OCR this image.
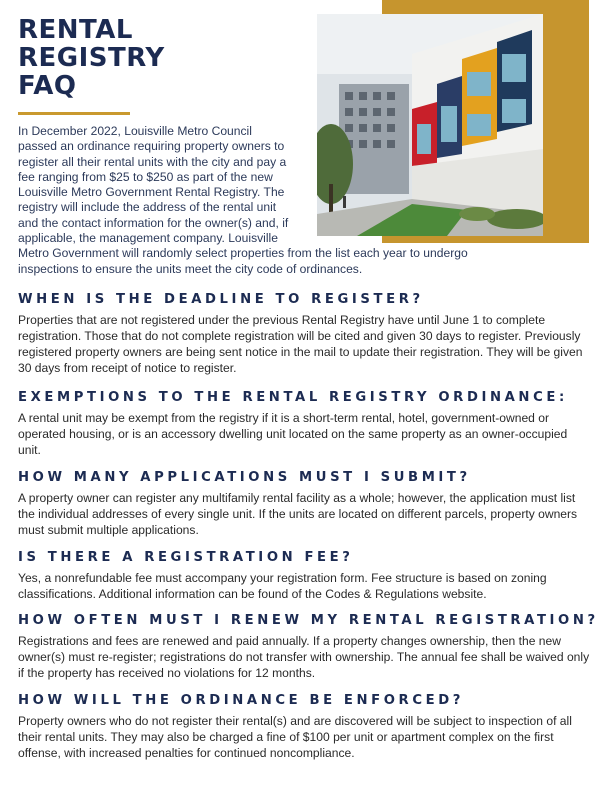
RENTAL
REGISTRY
FAQ

In December 2022, Louisville Metro Council
passed an ordinance requiring property owners to
register all their rental units with the city and pay a
fee ranging from $25 to $250 as part of the new
Louisville Metro Government Rental Registry. The
registry will include the address of the rental unit
and the contact information for the owner(s) and, if
applicable, the management company. Louisville
Metro Government will randomly select properties from the list each year to undergo
inspections to ensure the units meet the city code of ordinances.

WHEN IS THE DEADLINE TO REGISTER?

Properties that are not registered under the previous Rental Registry have until June 1 to complete registration. Those that do not complete registration will be cited and given 30 days to register. Previously registered property owners are being sent notice in the mail to update their registration. They will be given 30 days from receipt of notice to register.

EXEMPTIONS TO THE RENTAL REGISTRY ORDINANCE:

A rental unit may be exempt from the registry if it is a short-term rental, hotel, government-owned or operated housing, or is an accessory dwelling unit located on the same property as an owner-occupied unit.

HOW MANY APPLICATIONS MUST I SUBMIT?

A property owner can register any multifamily rental facility as a whole; however, the application must list the individual addresses of every single unit. If the units are located on different parcels, property owners must submit multiple applications.

IS THERE A REGISTRATION FEE?

Yes, a nonrefundable fee must accompany your registration form. Fee structure is based on zoning classifications. Additional information can be found of the Codes & Regulations website.

HOW OFTEN MUST I RENEW MY RENTAL REGISTRATION?

Registrations and fees are renewed and paid annually. If a property changes ownership, then the new owner(s) must re-register; registrations do not transfer with ownership. The annual fee shall be waived only if the property has received no violations for 12 months.

HOW WILL THE ORDINANCE BE ENFORCED?

Property owners who do not register their rental(s) and are discovered will be subject to inspection of all their rental units. They may also be charged a fine of $100 per unit or apartment complex on the first offense, with increased penalties for continued noncompliance.
